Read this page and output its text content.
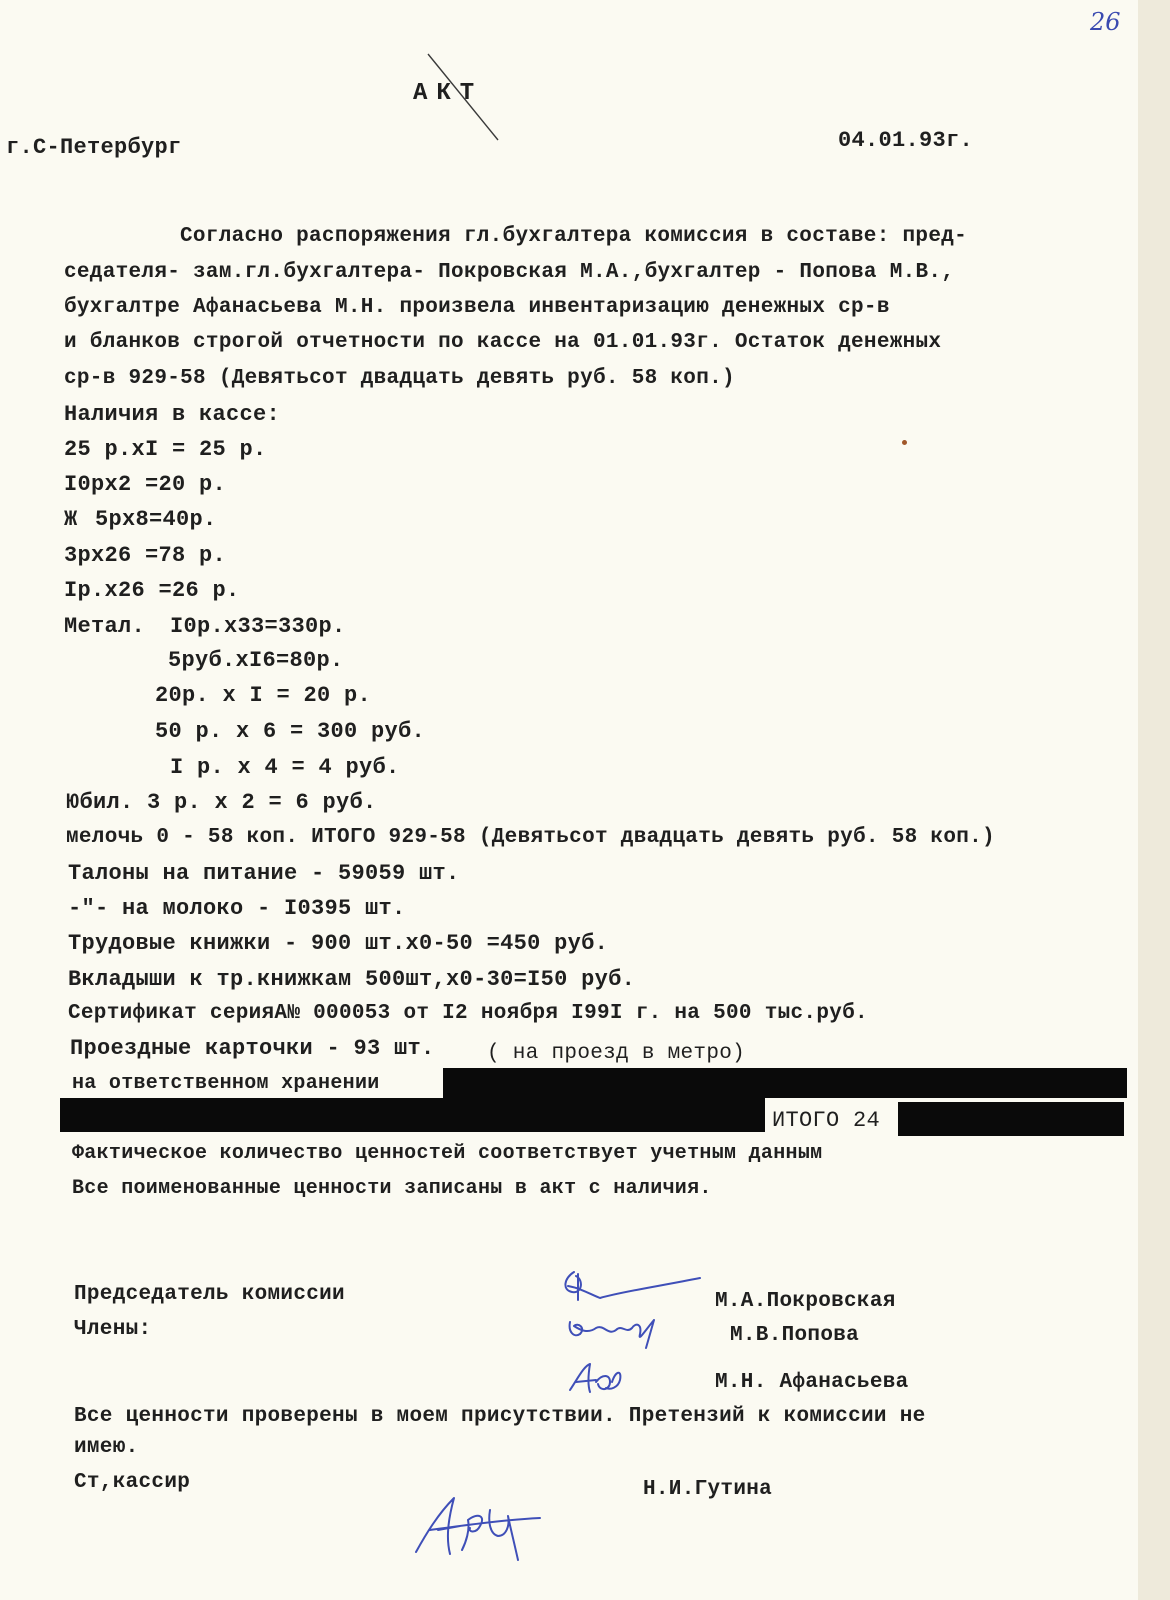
26
АКТ
г.С-Петербург	04.01.93г.
Согласно распоряжения гл.бухгалтера комиссия в составе: пред-
седателя- зам.гл.бухгалтера- Покровская М.А.,бухгалтер - Попова М.В.,
бухгалтре Афанасьева М.Н. произвела инвентаризацию денежных ср-в
и бланков строгой отчетности по кассе на 01.01.93г. Остаток денежных
ср-в 929-58 (Девятьсот двадцать девять руб. 58 коп.)
Наличия в кассе:
25 р.хI = 25 р.
I0рх2 =20 р.
Ж 5рх8=40р.
3рх26 =78 р.
Iр.х26 =26 р.
Метал. I0р.х33=330р.
5руб.хI6=80р.
20р. х I = 20 р.
50 р. х 6 = 300 руб.
I р. х 4 = 4 руб.
Юбил. 3 р. х 2 = 6 руб.
мелочь 0 - 58 коп. ИТОГО 929-58 (Девятьсот двадцать девять руб. 58 коп.)
Талоны на питание - 59059 шт.
-"- на молоко - I0395 шт.
Трудовые книжки - 900 шт.х0-50 =450 руб.
Вкладыши к тр.книжкам 500шт,х0-30=I50 руб.
Сертификат серияА№ 000053 от I2 ноября I99I г. на 500 тыс.руб.
Проездные карточки - 93 шт. ( на проезд в метро)
на ответственном хранении
ИТОГО 24
Фактическое количество ценностей соответствует учетным данным
Все поименованные ценности записаны в акт с наличия.
Председатель комиссии
Члены:
М.А.Покровская
М.В.Попова
М.Н. Афанасьева
Все ценности проверены в моем присутствии. Претензий к комиссии не
имею.
Ст,кассир	Н.И.Гутина
